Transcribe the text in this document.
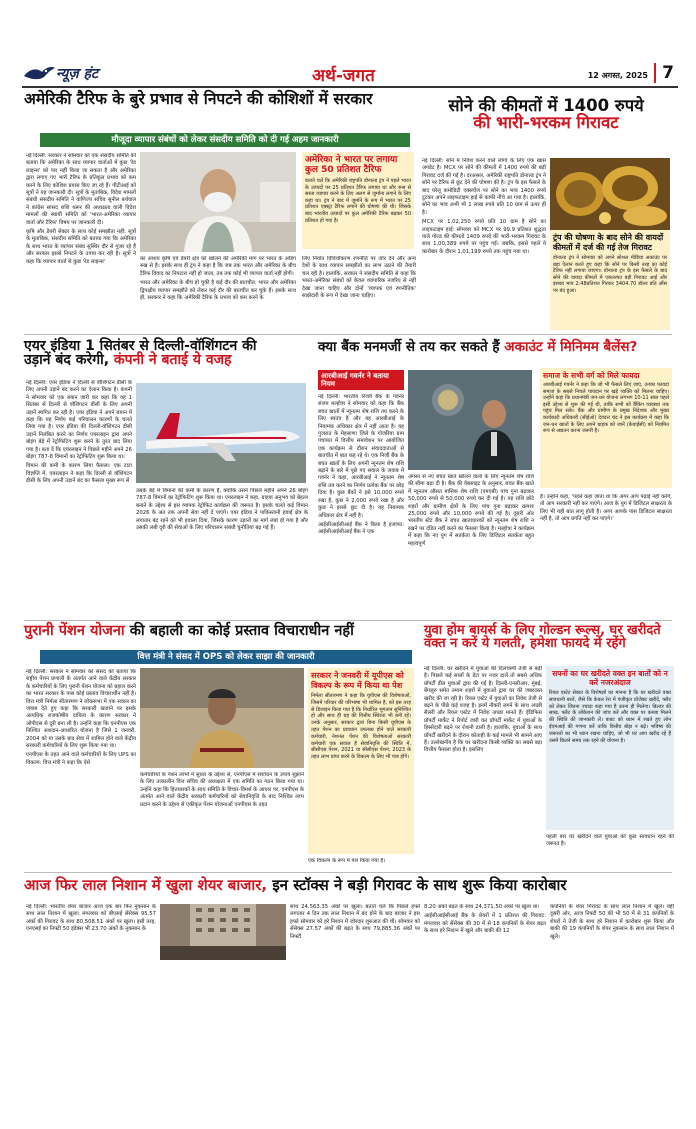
न्यूज़ हंट	अर्थ-जगत	12 अगस्त, 2025 7
अमेरिकी टैरिफ के बुरे प्रभाव से निपटने की कोशिशों में सरकार
मौजूदा व्यापार संबंधों को लेकर संसदीय समिति को दी गई अहम जानकारी

नई दिल्ली: सरकार ने सोमवार को एक संसदीय समिति को बताया कि अमेरिका के साथ व्यापार वार्ताओं में कुछ 'रेड लाइन्स' को पार नहीं किया जा सकता है और अमेरिका द्वारा लगाए गए भारी टैरिफ के प्रतिकूल प्रभाव को कम करने के लिए कोशिश प्रयास किए जा रहे हैं। पीटीआई को सूत्रों ने यह जानकारी दी। सूत्रों के मुताबिक, विदेश मामलों संबंधी संसदीय समिति ने वाणिज्य सचिव सुनील बर्थवाल ने कांग्रेस सांसद शशि थरूर की अध्यक्षता वाली विदेश मामलों की स्थायी समिति को 'भारत-अमेरिका व्यापार वार्ता और टैरिफ' विषय पर जानकारी दी।

कृषि और डेयरी सेक्टर के साथ कोई समझौता नहीं: सूत्रों के मुताबिक, संसदीय समिति को बताया गया कि अमेरिका के साथ भारत के व्यापार संबंध सुस्थिर दौर से गुजर रहे हैं और सरकार इससे निपटने के उपाय कर रही है। सूत्रों ने कहा कि व्यापार वार्ता से कुछ 'रेड लाइन्स'	का आशय कृषि एवं डेयरी क्षेत्र को खोलने की अमेरिकी मांग पर भारत के अडिग रुख से है। इसके साथ ही ट्रंप ने कहा है कि जब तक भारत और अमेरिका के बीच टैरिफ विवाद का निपटारा नहीं हो जाता, तब तक कोई भी व्यापार वार्ता नहीं होगी।

भारत और अमेरिका के बीच हो चुकी है कई दौर की बातचीत: भारत और अमेरिका द्विपक्षीय व्यापार समझौते को लेकर कई दौर की बातचीत कर चुके हैं। इसके साथ ही, सरकार ने कहा कि अमेरिकी टैरिफ के प्रभाव को कम करने के

अमेरिका ने भारत पर लगाया कुल 50 प्रतिशत टैरिफ
बताते चलें कि अमेरिकी राष्ट्रपति डोनाल्ड ट्रंप ने पहले भारत के उत्पादों पर 25 प्रतिशत टैरिफ लगाया था और रूस से सस्ता व्यापार करने के लिए अलग से जुर्माना लगाने के लिए कहा था। ट्रंप ने बाद में जुर्माने के रूप में भारत पर 25 प्रतिशत एक्स्ट्रा टैरिफ लगाने की घोषणा की थी। जिसके बाद भारतीय उत्पादों पर कुल अमेरिकी टैरिफ बढ़कर 50 प्रतिशत हो गया है।

लिए निर्यात विविधीकरण रणनीति पर जोर देने और अन्य देशों के साथ व्यापार समझौतों का लाभ उठाने की तैयारी चल रही है। हालांकि, सरकार ने संसदीय समिति से कहा कि भारत-अमेरिका संबंधों को केवल व्यापारिक नजरिए से नहीं देखा जाना चाहिए और दोनों 'व्यापक एवं रणनीतिक' साझेदारी के रूप में देखा जाना चाहिए।

सोने की कीमतों में 1400 रुपये
की भारी-भरकम गिरावट

नई दिल्ली: सोने में निवेश करने वाले लोगों के लिए एक खास अपडेट है। MCX पर सोने की कीमतों में 1400 रुपये की बड़ी गिरावट दर्ज की गई है। दरअसल, अमेरिकी राष्ट्रपति डोनाल्ड ट्रंप ने सोने पर टैरिफ से छूट देने की घोषणा की है। ट्रंप के इस फैसले के बाद घरेलू कमोडिटी एक्सचेंज पर सोने का भाव 1400 रुपये टूटकर अपने लाइफटाइम हाई से काफी नीचे आ गया है। हालांकि, सोने का भाव अभी भी 1 लाख रुपये प्रति 10 ग्राम से ऊपर ही है।

MCX पर 1,02,250 रुपये प्रति 10 ग्राम है सोने का लाइफटाइम हाई: सोमवार को MCX पर 99.9 प्रतिशत शुद्धता वाले गोल्ड की कीमतों 1409 रुपये की भारी-भरकम गिरावट के साथ 1,00,389 रुपये पर पहुंच गई। जबकि, इससे पहले ये कारोबार के दौरान 1,01,199 रुपये तक पहुंच गया था।

ट्रंप की घोषणा के बाद सोने की वायदों कीमतों में दर्ज की गई तेज गिरावट
डोनाल्ड ट्रंप ने सोमवार को अपने सोशल मीडिया अकाउंट पर बड़ा ऐलान करते हुए कहा कि सोने पर किसी तरह का कोई टैरिफ नहीं लगाया जाएगा। डोनाल्ड ट्रंप के इस फैसले के बाद सोने की वायदा कीमतों में एकतरफा बड़ी गिरावट आई और इसका भाव 2.48प्रतिशत गिरकर 3404.70 डॉलर प्रति औंस पर बंद हुआ।
एयर इंडिया 1 सितंबर से दिल्ली-वॉशिंगटन की
उड़ानें बंद करेगी, कंपनी ने बताई ये वजह

नई दिल्ली: एयर इंडिया ने दिल्ली से वॉशिंगटन डीसी के लिए अपनी उड़ानें बंद करने का ऐलान किया है। कंपनी ने सोमवार को एक बयान जारी कर कहा कि वह 1 सितंबर से दिल्ली से वॉशिंगटन डीसी के लिए अपनी उड़ानें स्थगित कर रही है। एयर इंडिया ने अपने बयान में कहा कि यह निर्णय कई परिचालन कारणों के चलते लिया गया है। एयर इंडिया की दिल्ली-वॉशिंगटन डीसी उड़ानें निलंबित करने का निर्णय एयरलाइन द्वारा अपने बोइंग बेड़े में रेट्रोफिटिंग शुरू करने के तुरंत बाद लिया गया है। बता दें कि एयरलाइन ने पिछले महीने अपने 26 बोइंग 787-8 विमानों का रेट्रोफिटिंग शुरू किया था।

विमान की कमी के कारण लिया फैसला: एक टाटा विज्ञप्ति में, एयरलाइन ने कहा कि दिल्ली से वॉशिंगटन डीसी के लिए अपनी उड़ानें बंद का फैसला मुख्य रूप से

उसके बेड़े में विमानों की कमी के कारण है, क्योंकि उसने पिछले महीने अपने 26 बोइंग 787-8 विमानों का रेट्रोफिटिंग शुरू किया था। एयरलाइन ने कहा, ग्राहक अनुभव को बेहतर बनाने के उद्देश्य से इस व्यापक रेट्रोफिट कार्यक्रम की जरूरत है। इसके चलते कई विमान 2026 के अंत तक अपनी सेवा नहीं दे पाएंगे। एयर इंडिया ने पाकिस्तानी हवाई क्षेत्र के लगातार बंद रहने को भी हवाला दिया, जिसके कारण उड़ानों का मार्ग लंबा हो गया है और उसकी लंबी दूरी की सेवाओं के लिए परिचालन संबंधी चुनौतियां बढ़ गई हैं।

क्या बैंक मनमर्जी से तय कर सकते हैं अकाउंट में मिनिमम बैलेंस?
आरबीआई गवर्नर ने बताया नियम

नई दिल्ली: भारतीय रिजर्व बैंक के गवर्नर संजय मल्होत्रा ने सोमवार को कहा कि बैंक बचत खातों में न्यूनतम शेष राशि तय करने के लिए स्वतंत्र हैं और यह आरबीआई के नियामक अधिकार क्षेत्र में नहीं आता है। यह गुजरात के मेहसाणा जिले के गोजरिया ग्राम पंचायत में वित्तीय समावेशन पर आयोजित एक कार्यक्रम से दौरान संवाददाताओं से बातचीत में बात कह रहे थे। एक निजी बैंक के बचत खातों के लिए अपनी न्यूनतम शेष राशि बढ़ाने के बारे में पूछे गए सवाल के जवाब में गवर्नर ने कहा, आरबीआई ने न्यूनतम शेष राशि तय करने का निर्णय प्रत्येक बैंक पर छोड़ दिया है। कुछ बैंकों ने इसे 10,000 रुपये रखा है, कुछ ने 2,000 रुपये रखा है और कुछ ने इससे छूट दी है। यह नियामक अधिकार क्षेत्र में नहीं है।

आईसीआईसीआई बैंक ने किया है इजाफा: आईसीआईसीआई बैंक ने एक

अगस्त से नए बचत खाते खोलने वालों के लिए न्यूनतम शेष राशि की सीमा बढ़ा दी है। बैंक की वेबसाइट के अनुसार, बचत बैंक खाते में न्यूनतम औसत मासिक शेष राशि (एमएबी) पांच गुना बढ़ाकर 50,000 रुपये से 50,000 रुपये कर दी गई है। यह राशि छोटे शहरों और ग्रामीण क्षेत्रों के लिए पांच गुना बढ़ाकर क्रमशः 25,000 रुपये और 10,000 रुपये की गई है। दूसरी ओर भारतीय स्टेट बैंक ने बचत खाताधारकों को न्यूनतम शेष राशि न रखने पर दंडित नहीं करने का फैसला किया है। मल्होत्रा ने कार्यक्रम में कहा कि नए युग में सतर्कता के लिए डिजिटल सतर्कता बहुत महत्वपूर्ण

समाज के सभी वर्ग को मिले फायदा
आरबीआई गवर्नर ने कहा कि जो भी फैसले लिए जाएं, उनका फायदा समाज के सबसे निचले पायदान पर खड़े व्यक्ति को मिलना चाहिए। उन्होंने कहा कि प्रधानमंत्री जन-धन योजना लगभग 10-11 साल पहले इसी उद्देश्य से शुरू की गई थी, ताकि सभी को बैंकिंग व्यवस्था तक पहुंच मिल सके। बैंक और ग्रामीण के प्रमुख निदेशक और मुख्य कार्यकारी अधिकारी (सीईओ) देवदत्त चंद ने इस कार्यक्रम में कहा कि जन-धन खातों के लिए अपने ग्राहक को जानें (केवाईसी) को नियमित रूप से अद्यतन करना जरूरी है।

है। उन्होंने कहा, 'पहले कहा जाता था कि अगर आप पढ़ाई नहीं करेंगे, तो आप सरकारी नहीं कर पाएंगे। आज के युग में डिजिटल साक्षरता के लिए भी यही बात लागू होती है। अगर आपके पास डिजिटल साक्षरता नहीं है, तो आप प्रगति नहीं कर पाएंगे।'

पुरानी पेंशन योजना की बहाली का कोई प्रस्ताव विचाराधीन नहीं
वित्त मंत्री ने संसद में OPS को लेकर साझा की जानकारी

नई दिल्ली: सरकार ने सोमवार को संसद को बताया कि राष्ट्रीय पेंशन प्रणाली के अंतर्गत आने वाले केंद्रीय सरकार के कर्मचारियों के लिए पुरानी पेंशन योजना को बहाल करने का भारत सरकार के पास कोई प्रस्ताव विचाराधीन नहीं है। वित्त मंत्री निर्मला सीतारमण ने लोकसभा में एक सवाल का जवाब देते हुए कहा कि सरकारी खजाने पर इसके अत्यधिक राजकोषीय दायित्व के कारण सरकार ने ओपीएस से दूरी बना ली है। उन्होंने कहा कि एनपीएस एक निश्चित अंशदान-आधारित योजना है जिसे 1 जनवरी, 2004 को या उसके बाद सेवा में शामिल होने वाले केंद्रीय सरकारी कर्मचारियों के लिए शुरू किया गया था।

एनपीएस के तहत आने वाले कर्मचारियों के लिए UPS का विकल्प: वित्त मंत्री ने कहा कि ऐसे

कर्मचारियों के पेंशन लाभों में सुधार के उद्देश्य से, एनपीएस में संशोधन के उपाय सुझाने के लिए तत्कालीन वित्त सचिव की अध्यक्षता में एक समिति का गठन किया गया था। उन्होंने कहा कि हितधारकों के साथ समिति के विचार-विमर्श के आधार पर, एनपीएस के अंतर्गत आने वाले केंद्रीय सरकारी कर्मचारियों को सेवानिवृत्ति के बाद निश्चित लाभ प्रदान करने के उद्देश्य से एकीकृत पेंशन योजनाओं एनपीएस के तहत

सरकार ने जनवरी में यूपीएस को विकल्प के रूप में किया था पेश
निर्मला सीतारमण ने कहा कि यूपीएस की विशेषताओं, जिसमें परिवार की परिभाषा भी शामिल है, को इस तरह से डिजाइन किया गया है कि निर्धारित भुगतान सुनिश्चित हो और साथ ही यह की वित्तीय स्थिरता भी बनी रहे। उनके अनुसार, सरकार द्वारा बिना किसी यूपीएस के तहत पेंशन का प्रावधान उपलब्ध होने वाले सरकारी कर्मचारी, नेशनल पेंशन की विशेषताओं सरकारी कर्मचारी एक सवाल है सेवानिवृत्ति की स्थिति में, सीसीएस पेंशन, 2021 या सीसीएस पेंशन, 2023 के तहत लाभ प्राप्त करने के विकल्प के लिए भी पात्र होंगे।

एक विकल्प के रूप में पेश किया गया है।

युवा होम बायर्स के लिए गोल्डन रूल्स, घर खरीदते
वक्त न करें ये गलती, हमेशा फायदे में रहेंगे

नई दिल्ली: घर खरीदने में युवाओं की दिलचस्पी तेजी से बढ़ी है। पिछले कई सालों के डेटा पर नजर डालें तो सबसे अधिक प्रॉपर्टी डील युवाओं द्वारा की गई है। दिल्ली-एनसीआर, मुंबई, बेंगलुरु समेत तमाम शहरों में युवाओं द्वारा घर की जबरदस्त खरीद की जा रही है। रियल एस्टेट में युवाओं का निवेश तेजी से बढ़ने के पीछे कई वजह है। इनमें नौकरी लगने के साथ अच्छी सैलरी और रियल एस्टेट में निवेश अच्छा मानते हैं। ईडिफिस प्रॉपर्टी मार्केट ने रिपोर्ट जारी कर प्रॉपर्टी मार्केट में युवाओं के हिस्सेदारी बढ़ने पर रोशनी डाली है। हालांकि, युवाओं के साथ प्रॉपर्टी खरीदने के दौरान कोताही के कई मामले भी सामने आए हैं। उल्लेखनीय है कि घर खरीदना किसी व्यक्ति का सबसे बड़ा वित्तीय फैसला होता है। इसलिए

सपनों का घर खरीदते वक्त इन बातों को न करें नजरअंदाज
रियल एस्टेट सेक्टर के विशेषज्ञों का मानना है कि घर खरीदते वक्त सावधानी बरतें, जैसे कि केवल रेरा में पंजीकृत प्रोजेक्ट खरीदें, फ्लैट को लेकर जितना ज्यादा कहा गया है उतना ही मिलेगा। बिल्डर की साख, फ्लैट के लोकेशन की जांच करें और वक्त पर कब्जा मिलने की स्थिति की जानकारी लें। बजट को ध्यान में रखते हुए लोन ईएमआई की गणना करें ताकि वित्तीय बोझ न बढ़े। भविष्य की जरूरतों का भी ध्यान रखना चाहिए, जो भी घर आप खरीद रहे हैं उसमें कितने समय तक रहने की योजना है।

पहली बार घर खरीदने वाले युवाओं को कुछ सावधान रहने की जरूरत है।

आज फिर लाल निशान में खुला शेयर बाजार, इन स्टॉक्स ने बड़ी गिरावट के साथ शुरू किया कारोबार

नई दिल्ली: भारतीय शेयर बाजार आज एक बार फिर नुकसान के साथ लाल निशान में खुला। मंगलवार को बीएसई सेंसेक्स 95.57 अंकों की गिरावट के साथ 80,508.51 अंकों पर खुला। इसी तरह, एनएसई का निफ्टी 50 इंडेक्स भी 23.70 अंकों के नुकसान के

साथ 24,563.35 अंकों पर खुला। बताते चलें कि पिछले हफ्ते लगातार 4 दिन तक लाल निशान में बंद होने के बाद बाजार ने इस हफ्ते सोमवार को हरे निशान में जोरदार शुरुआत की थी। सोमवार को सेंसेक्स 27.57 अंकों की बढ़त के साथ 79,885.36 अंकों पर निफ्टी

8.20 अंकों बढ़त के साथ 24,371.50 अंकों पर खुला था।

आईसीआईसीआई बैंक के शेयरों में 1 प्रतिशत की गिरावट: मंगलवार को सेंसेक्स की 30 में से 18 कंपनियों के शेयर बढ़त के साथ हरे निशान में खुले और बाकी की 12

कंपनियों के शेयर गिरावट के साथ लाल निशान में खुले। वहीं दूसरी ओर, आज निफ्टी 50 की भी 50 में से 31 कंपनियों के शेयरों ने तेजी के साथ हरे निशान में कारोबार शुरू किया और बाकी की 19 कंपनियों के शेयर नुकसान के साथ लाल निशान में खुले।
